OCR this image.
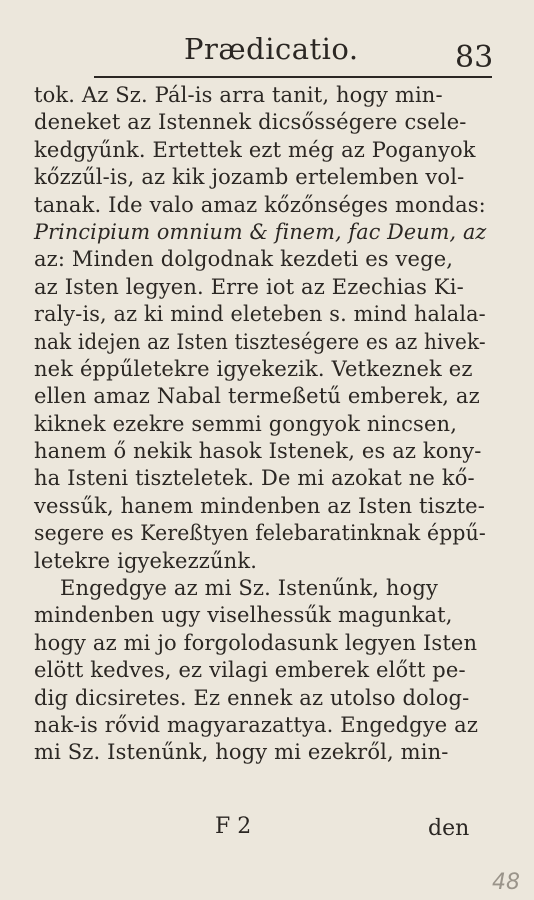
Prædicatio.	83
tok. Az Sz. Pál-is arra tanit, hogy min-
deneket az Istennek dicsősségere csele-
kedgyűnk. Ertettek ezt még az Poganyok
kőzzűl-is, az kik jozamb ertelemben vol-
tanak. Ide valo amaz kőzőnséges mondas:
Principium omnium & finem, fac Deum, az
az: Minden dolgodnak kezdeti es vege,
az Isten legyen. Erre iot az Ezechias Ki-
raly-is, az ki mind eleteben s. mind halala-
nak idejen az Isten tiszteségere es az hivek-
nek éppűletekre igyekezik. Vetkeznek ez
ellen amaz Nabal termeßetű emberek, az
kiknek ezekre semmi gongyok nincsen,
hanem ő nekik hasok Istenek, es az kony-
ha Isteni tiszteletek. De mi azokat ne kő-
vessűk, hanem mindenben az Isten tiszte-
segere es Kereßtyen felebaratinknak éppű-
letekre igyekezzűnk.
Engedgye az mi Sz. Istenűnk, hogy
mindenben ugy viselhessűk magunkat,
hogy az mi jo forgolodasunk legyen Isten
elött kedves, ez vilagi emberek előtt pe-
dig dicsiretes. Ez ennek az utolso dolog-
nak-is rővid magyarazattya. Engedgye az
mi Sz. Istenűnk, hogy mi ezekről, min-
F 2	den
48
